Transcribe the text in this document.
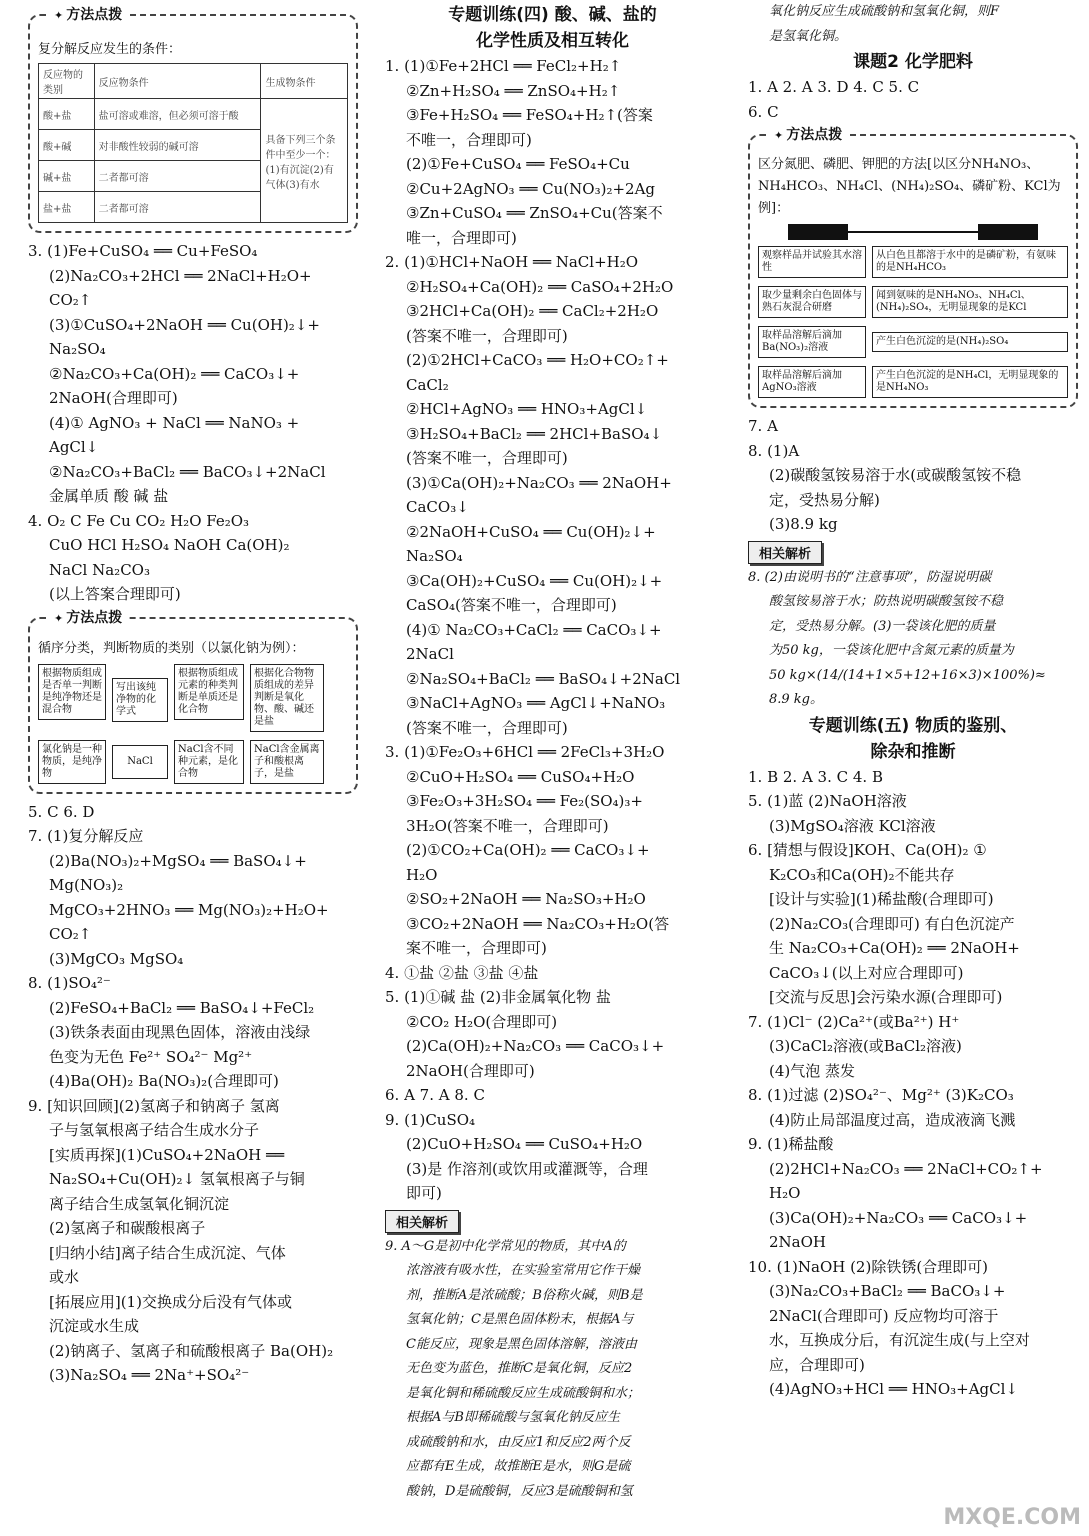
✦ 方法点拨
复分解反应发生的条件：
反应物的类别	反应物条件	生成物条件
酸+盐	盐可溶或难溶，但必须可溶于酸	具备下列三个条件中至少一个：(1)有沉淀(2)有气体(3)有水
酸+碱	对非酸性较弱的碱可溶	
碱+盐	二者都可溶	
盐+盐	二者都可溶	
3. (1)Fe+CuSO₄ ══ Cu+FeSO₄
(2)Na₂CO₃+2HCl ══ 2NaCl+H₂O+
CO₂↑
(3)①CuSO₄+2NaOH ══ Cu(OH)₂↓+
Na₂SO₄
②Na₂CO₃+Ca(OH)₂ ══ CaCO₃↓+
2NaOH(合理即可)
(4)① AgNO₃ + NaCl ══ NaNO₃ +
AgCl↓
②Na₂CO₃+BaCl₂ ══ BaCO₃↓+2NaCl
金属单质 酸 碱 盐
4. O₂ C Fe Cu CO₂ H₂O Fe₂O₃
CuO HCl H₂SO₄ NaOH Ca(OH)₂
NaCl Na₂CO₃
(以上答案合理即可)
✦ 方法点拨
循序分类，判断物质的类别（以氯化钠为例）：
根据物质组成是否单一判断是纯净物还是混合物
写出该纯净物的化学式
根据物质组成元素的种类判断是单质还是化合物
根据化合物物质组成的差异判断是氧化物、酸、碱还是盐
氯化钠是一种物质，是纯净物
NaCl
NaCl含不同种元素，是化合物
NaCl含金属离子和酸根离子，是盐
5. C 6. D
7. (1)复分解反应
(2)Ba(NO₃)₂+MgSO₄ ══ BaSO₄↓+
Mg(NO₃)₂
MgCO₃+2HNO₃ ══ Mg(NO₃)₂+H₂O+
CO₂↑
(3)MgCO₃ MgSO₄
8. (1)SO₄²⁻
(2)FeSO₄+BaCl₂ ══ BaSO₄↓+FeCl₂
(3)铁条表面由现黑色固体，溶液由浅绿
色变为无色 Fe²⁺ SO₄²⁻ Mg²⁺
(4)Ba(OH)₂ Ba(NO₃)₂(合理即可)
9. [知识回顾](2)氢离子和钠离子 氢离
子与氢氧根离子结合生成水分子
[实质再探](1)CuSO₄+2NaOH ══
Na₂SO₄+Cu(OH)₂↓ 氢氧根离子与铜
离子结合生成氢氧化铜沉淀
(2)氢离子和碳酸根离子
[归纳小结]离子结合生成沉淀、气体
或水
[拓展应用](1)交换成分后没有气体或
沉淀或水生成
(2)钠离子、氢离子和硫酸根离子 Ba(OH)₂
(3)Na₂SO₄ ══ 2Na⁺+SO₄²⁻
专题训练(四) 酸、碱、盐的
化学性质及相互转化
1. (1)①Fe+2HCl ══ FeCl₂+H₂↑
②Zn+H₂SO₄ ══ ZnSO₄+H₂↑
③Fe+H₂SO₄ ══ FeSO₄+H₂↑(答案
不唯一，合理即可)
(2)①Fe+CuSO₄ ══ FeSO₄+Cu
②Cu+2AgNO₃ ══ Cu(NO₃)₂+2Ag
③Zn+CuSO₄ ══ ZnSO₄+Cu(答案不
唯一，合理即可)
2. (1)①HCl+NaOH ══ NaCl+H₂O
②H₂SO₄+Ca(OH)₂ ══ CaSO₄+2H₂O
③2HCl+Ca(OH)₂ ══ CaCl₂+2H₂O
(答案不唯一，合理即可)
(2)①2HCl+CaCO₃ ══ H₂O+CO₂↑+
CaCl₂
②HCl+AgNO₃ ══ HNO₃+AgCl↓
③H₂SO₄+BaCl₂ ══ 2HCl+BaSO₄↓
(答案不唯一，合理即可)
(3)①Ca(OH)₂+Na₂CO₃ ══ 2NaOH+
CaCO₃↓
②2NaOH+CuSO₄ ══ Cu(OH)₂↓+
Na₂SO₄
③Ca(OH)₂+CuSO₄ ══ Cu(OH)₂↓+
CaSO₄(答案不唯一，合理即可)
(4)① Na₂CO₃+CaCl₂ ══ CaCO₃↓+
2NaCl
②Na₂SO₄+BaCl₂ ══ BaSO₄↓+2NaCl
③NaCl+AgNO₃ ══ AgCl↓+NaNO₃
(答案不唯一，合理即可)
3. (1)①Fe₂O₃+6HCl ══ 2FeCl₃+3H₂O
②CuO+H₂SO₄ ══ CuSO₄+H₂O
③Fe₂O₃+3H₂SO₄ ══ Fe₂(SO₄)₃+
3H₂O(答案不唯一，合理即可)
(2)①CO₂+Ca(OH)₂ ══ CaCO₃↓+
H₂O
②SO₂+2NaOH ══ Na₂SO₃+H₂O
③CO₂+2NaOH ══ Na₂CO₃+H₂O(答
案不唯一，合理即可)
4. ①盐 ②盐 ③盐 ④盐
5. (1)①碱 盐 (2)非金属氧化物 盐
②CO₂ H₂O(合理即可)
(2)Ca(OH)₂+Na₂CO₃ ══ CaCO₃↓+
2NaOH(合理即可)
6. A 7. A 8. C
9. (1)CuSO₄
(2)CuO+H₂SO₄ ══ CuSO₄+H₂O
(3)是 作溶剂(或饮用或灌溉等，合理
即可)
相关解析
9. A～G是初中化学常见的物质，其中A的
浓溶液有吸水性，在实验室常用它作干燥
剂，推断A是浓硫酸；B俗称火碱，则B是
氢氧化钠；C是黑色固体粉末，根据A与
C能反应，现象是黑色固体溶解，溶液由
无色变为蓝色，推断C是氧化铜，反应2
是氧化铜和稀硫酸反应生成硫酸铜和水；
根据A与B即稀硫酸与氢氧化钠反应生
成硫酸钠和水，由反应1和反应2两个反
应都有E生成，故推断E是水，则G是硫
酸钠，D是硫酸铜，反应3是硫酸铜和氢
氧化钠反应生成硫酸钠和氢氧化铜，则F
是氢氧化铜。
课题2 化学肥料
1. A 2. A 3. D 4. C 5. C
6. C
✦ 方法点拨
区分氮肥、磷肥、钾肥的方法[以区分NH₄NO₃、NH₄HCO₃、NH₄Cl、(NH₄)₂SO₄、磷矿粉、KCl为例]：
观察样品并试验其水溶性
从白色且都溶于水中的是磷矿粉，有氨味的是NH₄HCO₃
取少量剩余白色固体与熟石灰混合研磨
闻到氨味的是NH₄NO₃、NH₄Cl、(NH₄)₂SO₄，无明显现象的是KCl
取样品溶解后滴加Ba(NO₃)₂溶液
产生白色沉淀的是(NH₄)₂SO₄
取样品溶解后滴加AgNO₃溶液
产生白色沉淀的是NH₄Cl，无明显现象的是NH₄NO₃
7. A
8. (1)A
(2)碳酸氢铵易溶于水(或碳酸氢铵不稳
定，受热易分解)
(3)8.9 kg
相关解析
8. (2)由说明书的“注意事项”，防湿说明碳
酸氢铵易溶于水；防热说明碳酸氢铵不稳
定，受热易分解。(3)一袋该化肥的质量
为50 kg，一袋该化肥中含氮元素的质量为
50 kg×(14/(14+1×5+12+16×3)×100%)≈
8.9 kg。
专题训练(五) 物质的鉴别、
除杂和推断
1. B 2. A 3. C 4. B
5. (1)蓝 (2)NaOH溶液
(3)MgSO₄溶液 KCl溶液
6. [猜想与假设]KOH、Ca(OH)₂ ①
K₂CO₃和Ca(OH)₂不能共存
[设计与实验](1)稀盐酸(合理即可)
(2)Na₂CO₃(合理即可) 有白色沉淀产
生 Na₂CO₃+Ca(OH)₂ ══ 2NaOH+
CaCO₃↓(以上对应合理即可)
[交流与反思]会污染水源(合理即可)
7. (1)Cl⁻ (2)Ca²⁺(或Ba²⁺) H⁺
(3)CaCl₂溶液(或BaCl₂溶液)
(4)气泡 蒸发
8. (1)过滤 (2)SO₄²⁻、Mg²⁺ (3)K₂CO₃
(4)防止局部温度过高，造成液滴飞溅
9. (1)稀盐酸
(2)2HCl+Na₂CO₃ ══ 2NaCl+CO₂↑+
H₂O
(3)Ca(OH)₂+Na₂CO₃ ══ CaCO₃↓+
2NaOH
10. (1)NaOH (2)除铁锈(合理即可)
(3)Na₂CO₃+BaCl₂ ══ BaCO₃↓+
2NaCl(合理即可) 反应物均可溶于
水，互换成分后，有沉淀生成(与上空对
应，合理即可)
(4)AgNO₃+HCl ══ HNO₃+AgCl↓
MXQE.COM
